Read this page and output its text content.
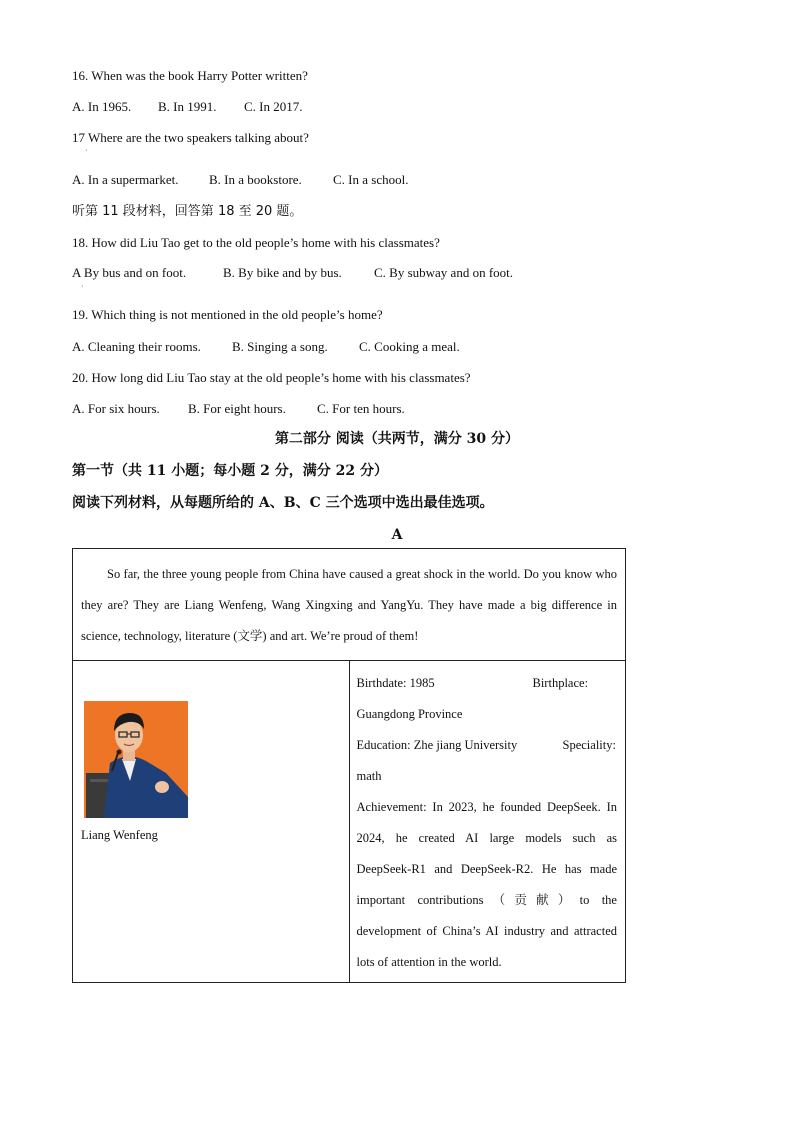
16. When was the book Harry Potter written?
A. In 1965. B. In 1991. C. In 2017.
17 Where are the two speakers talking about?
·
A. In a supermarket. B. In a bookstore. C. In a school.
听第 11 段材料，回答第 18 至 20 题。
18. How did Liu Tao get to the old people’s home with his classmates?
A By bus and on foot.	B. By bike and by bus. C. By subway and on foot.
·
19. Which thing is not mentioned in the old people’s home?
A. Cleaning their rooms. B. Singing a song. C. Cooking a meal.
20. How long did Liu Tao stay at the old people’s home with his classmates?
A. For six hours. B. For eight hours. C. For ten hours.
第二部分 阅读（共两节，满分 30 分）
第一节（共 11 小题；每小题 2 分，满分 22 分）
阅读下列材料，从每题所给的 A、B、C 三个选项中选出最佳选项。
A
So far, the three young people from China have caused a great shock in the world. Do you know who they are? They are Liang Wenfeng, Wang Xingxing and YangYu. They have made a big difference in science, technology, literature (文学) and art. We’re proud of them!

Liang Wenfeng

Birthdate: 1985	Birthplace: Guangdong Province
Education: Zhe jiang University	Speciality: math
Achievement: In 2023, he founded DeepSeek. In 2024, he created AI large models such as DeepSeek-R1 and DeepSeek-R2. He has made important contributions（贡献）to the development of China’s AI industry and attracted lots of attention in the world.
